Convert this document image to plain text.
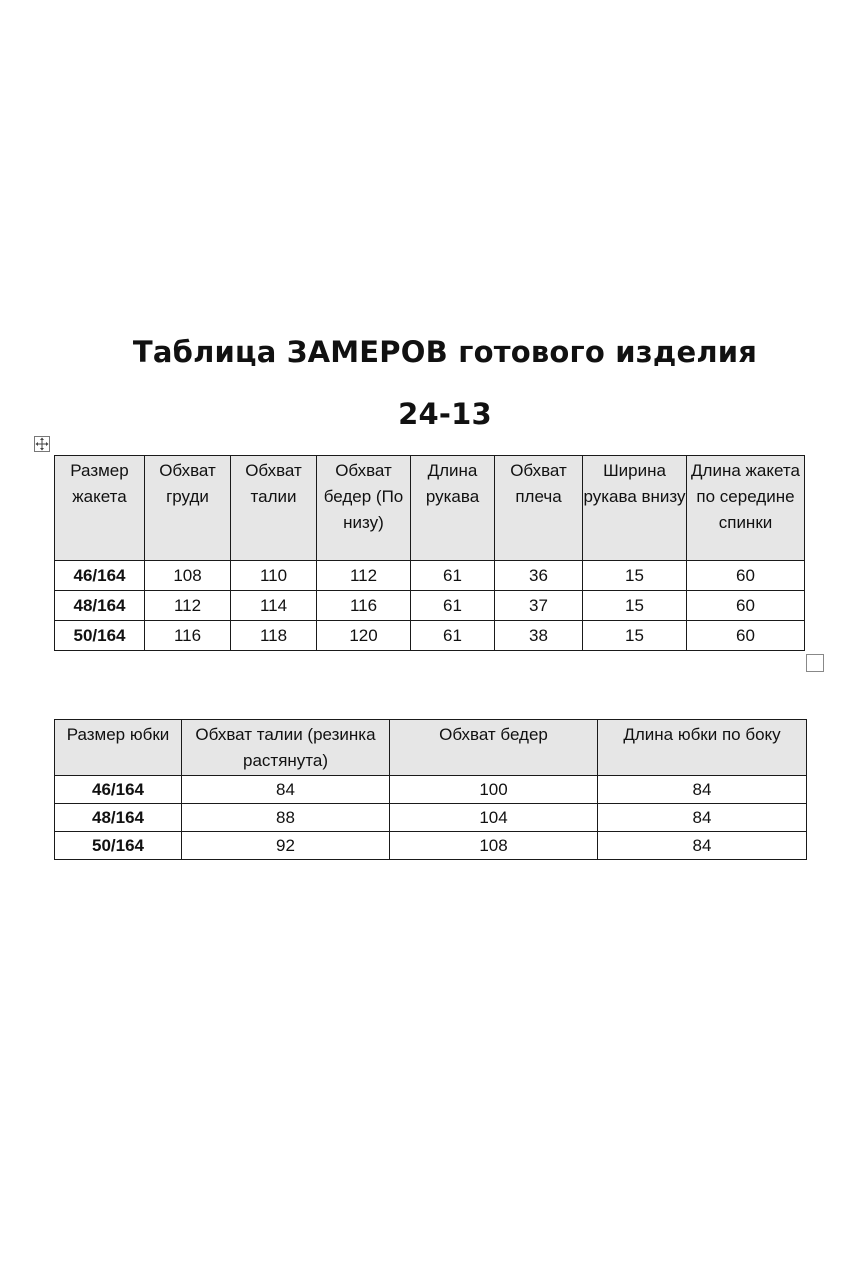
Таблица ЗАМЕРОВ готового изделия
24-13
Размер жакета	Обхват груди	Обхват талии	Обхват бедер (По низу)	Длина рукава	Обхват плеча	Ширина рукава внизу	Длина жакета по середине спинки
46/164	108	110	112	61	36	15	60
48/164	112	114	116	61	37	15	60
50/164	116	118	120	61	38	15	60
Размер юбки	Обхват талии (резинка растянута)	Обхват бедер	Длина юбки по боку
46/164	84	100	84
48/164	88	104	84
50/164	92	108	84
